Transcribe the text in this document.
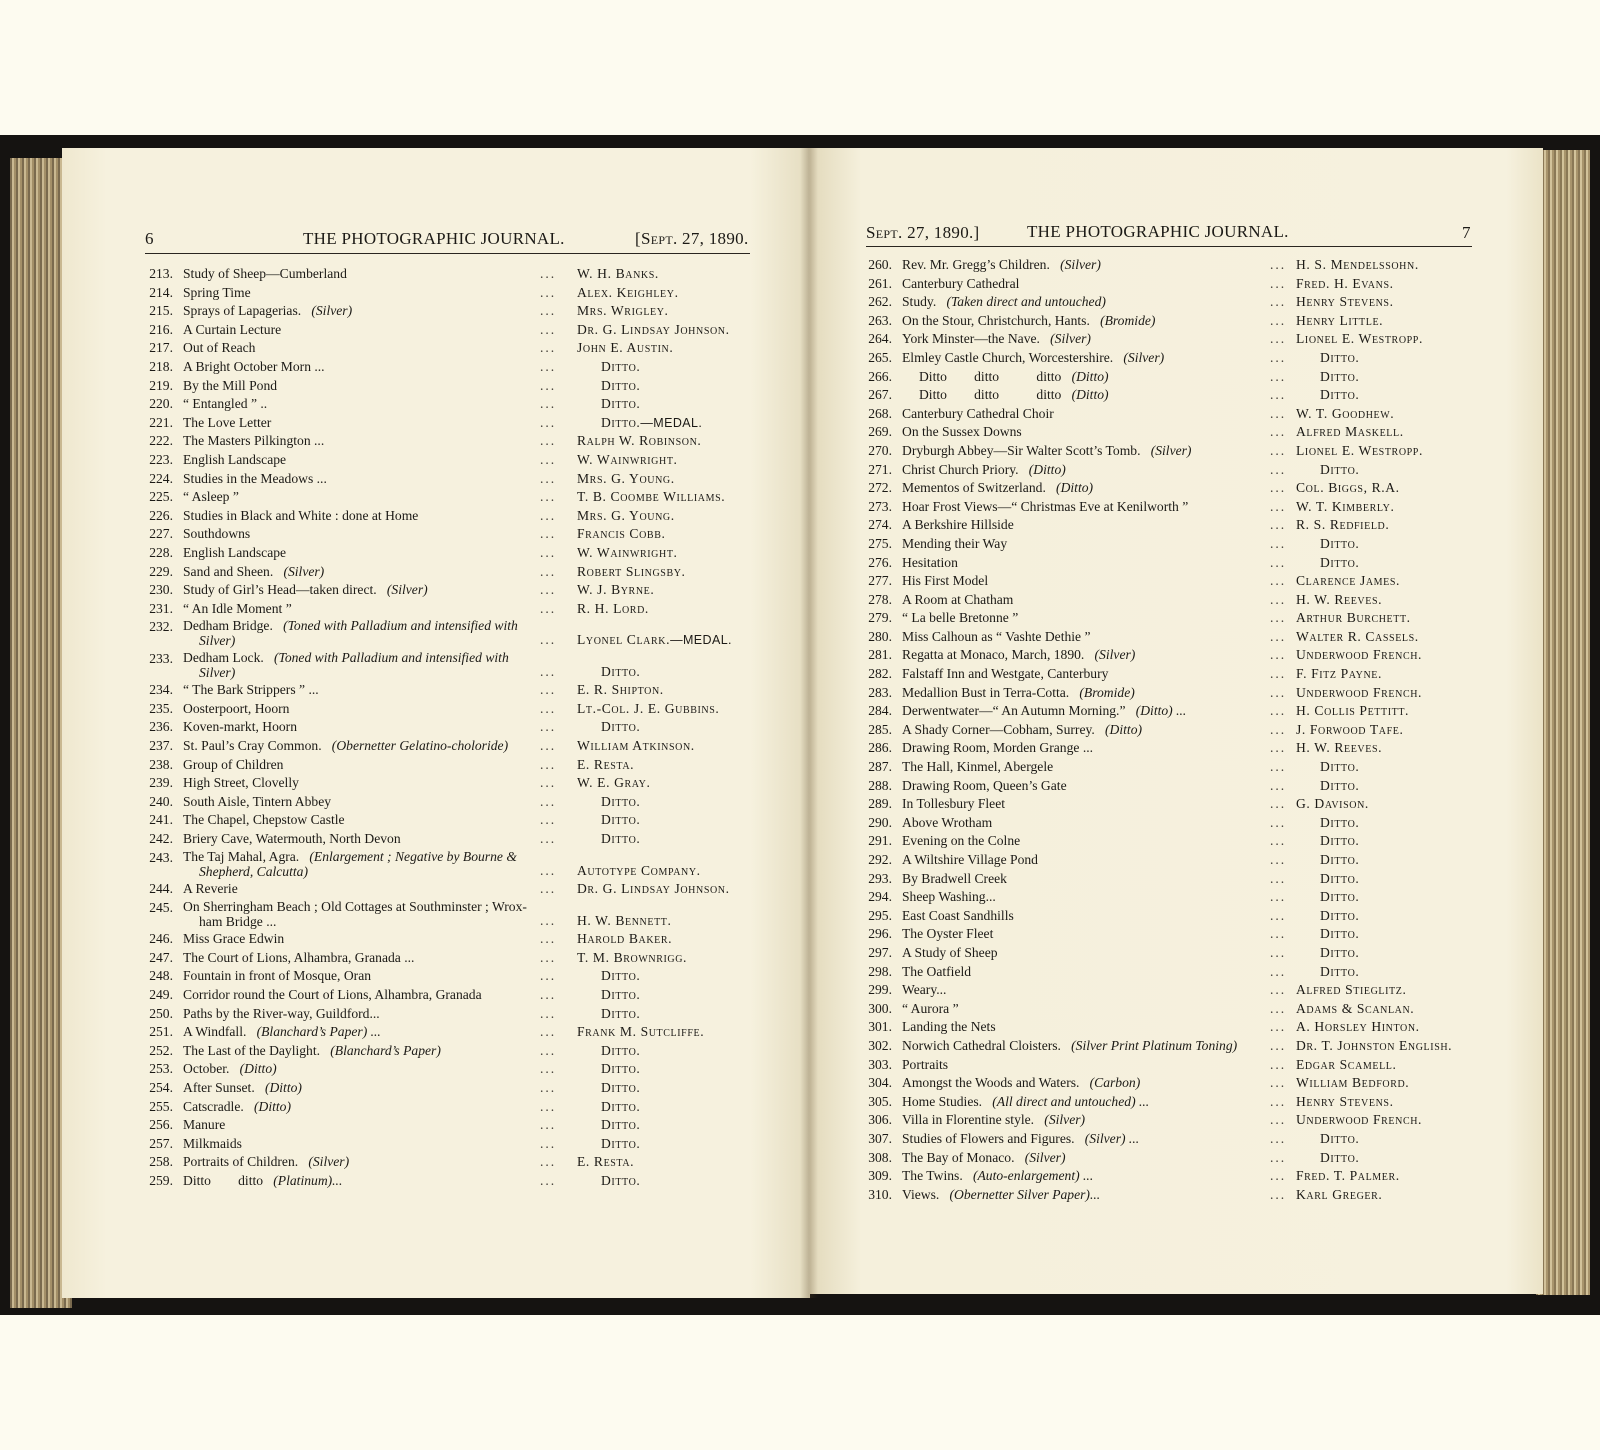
6	THE PHOTOGRAPHIC JOURNAL.	[Sept. 27, 1890.	Sept. 27, 1890.]	THE PHOTOGRAPHIC JOURNAL.	7
213. Study of Sheep—Cumberland	... W. H. Banks.
214. Spring Time	... Alex. Keighley.
215. Sprays of Lapagerias. (Silver)	... Mrs. Wrigley.
216. A Curtain Lecture	... Dr. G. Lindsay Johnson.
217. Out of Reach	... John E. Austin.
218. A Bright October Morn ...	...	Ditto.
219. By the Mill Pond	...	Ditto.
220. “ Entangled ” ..	...	Ditto.
221. The Love Letter	...	Ditto.—MEDAL.
222. The Masters Pilkington ...	... Ralph W. Robinson.
223. English Landscape	... W. Wainwright.
224. Studies in the Meadows ...	... Mrs. G. Young.
225. “ Asleep ”	... T. B. Coombe Williams.
226. Studies in Black and White : done at Home	... Mrs. G. Young.
227. Southdowns	... Francis Cobb.
228. English Landscape	... W. Wainwright.
229. Sand and Sheen. (Silver)	... Robert Slingsby.
230. Study of Girl’s Head—taken direct. (Silver)	... W. J. Byrne.
231. “ An Idle Moment ”	... R. H. Lord.
232. Dedham Bridge. (Toned with Palladium and intensified with
Silver)	... Lyonel Clark.—MEDAL.
233. Dedham Lock. (Toned with Palladium and intensified with
Silver)	...	Ditto.
234. “ The Bark Strippers ” ...	... E. R. Shipton.
235. Oosterpoort, Hoorn	... Lt.-Col. J. E. Gubbins.
236. Koven-markt, Hoorn	...	Ditto.
237. St. Paul’s Cray Common. (Obernetter Gelatino-choloride) ... William Atkinson.
238. Group of Children	... E. Resta.
239. High Street, Clovelly	... W. E. Gray.
240. South Aisle, Tintern Abbey	...	Ditto.
241. The Chapel, Chepstow Castle	...	Ditto.
242. Briery Cave, Watermouth, North Devon	...	Ditto.
243. The Taj Mahal, Agra. (Enlargement ; Negative by Bourne &
Shepherd, Calcutta)	... Autotype Company.
244. A Reverie	... Dr. G. Lindsay Johnson.
245. On Sherringham Beach ; Old Cottages at Southminster ; Wrox-
ham Bridge ...	... H. W. Bennett.
246. Miss Grace Edwin	... Harold Baker.
247. The Court of Lions, Alhambra, Granada ...	... T. M. Brownrigg.
248. Fountain in front of Mosque, Oran	...	Ditto.
249. Corridor round the Court of Lions, Alhambra, Granada	...	Ditto.
250. Paths by the River-way, Guildford...	...	Ditto.
251. A Windfall. (Blanchard’s Paper) ...	... Frank M. Sutcliffe.
252. The Last of the Daylight. (Blanchard’s Paper)	...	Ditto.
253. October. (Ditto)	...	Ditto.
254. After Sunset. (Ditto)	...	Ditto.
255. Catscradle. (Ditto)	...	Ditto.
256. Manure	...	Ditto.
257. Milkmaids	...	Ditto.
258. Portraits of Children. (Silver)	... E. Resta.
259. Ditto        ditto (Platinum)...	...	Ditto.
260. Rev. Mr. Gregg’s Children. (Silver)	... H. S. Mendelssohn.
261. Canterbury Cathedral	... Fred. H. Evans.
262. Study. (Taken direct and untouched)	... Henry Stevens.
263. On the Stour, Christchurch, Hants. (Bromide)	... Henry Little.
264. York Minster—the Nave. (Silver)	... Lionel E. Westropp.
265. Elmley Castle Church, Worcestershire. (Silver)	...	Ditto.
266. Ditto        ditto           ditto (Ditto)	...	Ditto.
267. Ditto        ditto           ditto (Ditto)	...	Ditto.
268. Canterbury Cathedral Choir	... W. T. Goodhew.
269. On the Sussex Downs	... Alfred Maskell.
270. Dryburgh Abbey—Sir Walter Scott’s Tomb. (Silver)	... Lionel E. Westropp.
271. Christ Church Priory. (Ditto)	...	Ditto.
272. Mementos of Switzerland. (Ditto)	... Col. Biggs, R.A.
273. Hoar Frost Views—“ Christmas Eve at Kenilworth ”	... W. T. Kimberly.
274. A Berkshire Hillside	... R. S. Redfield.
275. Mending their Way	...	Ditto.
276. Hesitation	...	Ditto.
277. His First Model	... Clarence James.
278. A Room at Chatham	... H. W. Reeves.
279. “ La belle Bretonne ”	... Arthur Burchett.
280. Miss Calhoun as “ Vashte Dethie ”	... Walter R. Cassels.
281. Regatta at Monaco, March, 1890. (Silver)	... Underwood French.
282. Falstaff Inn and Westgate, Canterbury	... F. Fitz Payne.
283. Medallion Bust in Terra-Cotta. (Bromide)	... Underwood French.
284. Derwentwater—“ An Autumn Morning.” (Ditto) ...	... H. Collis Pettitt.
285. A Shady Corner—Cobham, Surrey. (Ditto)	... J. Forwood Tafe.
286. Drawing Room, Morden Grange ...	... H. W. Reeves.
287. The Hall, Kinmel, Abergele	...	Ditto.
288. Drawing Room, Queen’s Gate	...	Ditto.
289. In Tollesbury Fleet	... G. Davison.
290. Above Wrotham	...	Ditto.
291. Evening on the Colne	...	Ditto.
292. A Wiltshire Village Pond	...	Ditto.
293. By Bradwell Creek	...	Ditto.
294. Sheep Washing...	...	Ditto.
295. East Coast Sandhills	...	Ditto.
296. The Oyster Fleet	...	Ditto.
297. A Study of Sheep	...	Ditto.
298. The Oatfield	...	Ditto.
299. Weary...	... Alfred Stieglitz.
300. “ Aurora ”	... Adams & Scanlan.
301. Landing the Nets	... A. Horsley Hinton.
302. Norwich Cathedral Cloisters. (Silver Print Platinum Toning) ... Dr. T. Johnston English.
303. Portraits	... Edgar Scamell.
304. Amongst the Woods and Waters. (Carbon)	... William Bedford.
305. Home Studies. (All direct and untouched) ...	... Henry Stevens.
306. Villa in Florentine style. (Silver)	... Underwood French.
307. Studies of Flowers and Figures. (Silver) ...	...	Ditto.
308. The Bay of Monaco. (Silver)	...	Ditto.
309. The Twins. (Auto-enlargement) ...	... Fred. T. Palmer.
310. Views. (Obernetter Silver Paper)...	... Karl Greger.
